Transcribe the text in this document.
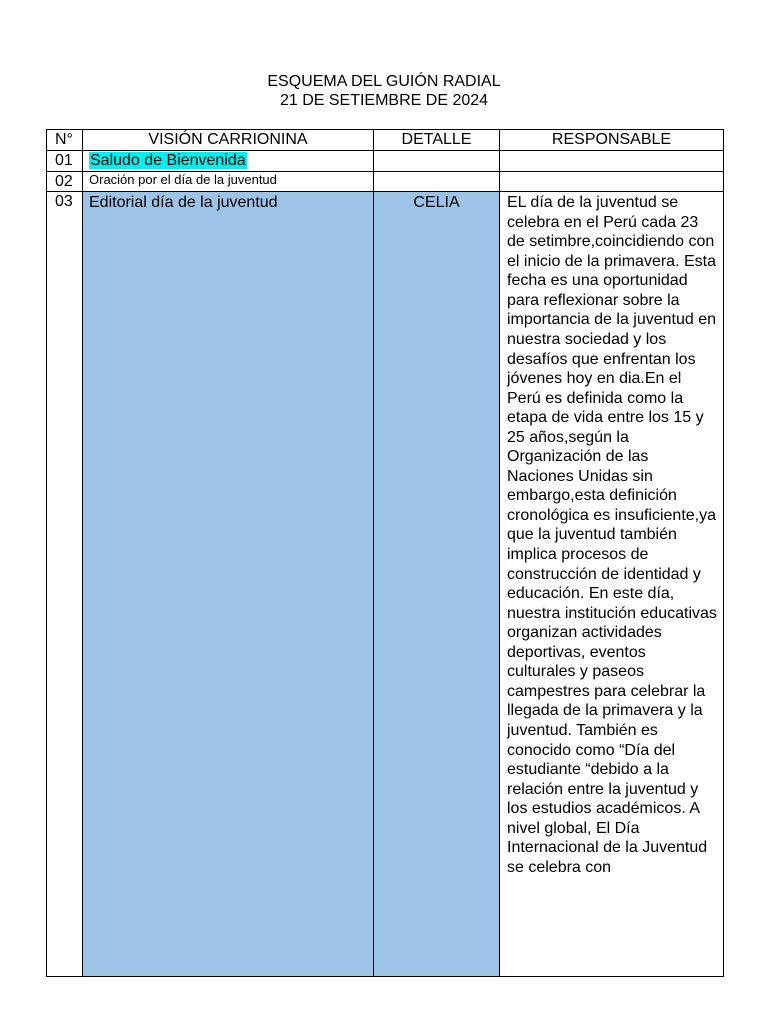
ESQUEMA DEL GUIÓN RADIAL
21 DE SETIEMBRE DE 2024
N°	VISIÓN CARRIONINA	DETALLE	RESPONSABLE
01	Saludo de Bienvenida		
02	Oración por el día de la juventud		
03	Editorial día de la juventud	CELIA	EL día de la juventud se celebra en el Perú cada 23 de setimbre,coincidiendo con el inicio de la primavera. Esta fecha es una oportunidad para reflexionar sobre la importancia de la juventud en nuestra sociedad y los desafíos que enfrentan los jóvenes hoy en dia.En el Perú es definida como la etapa de vida entre los 15 y 25 años,según la Organización de las Naciones Unidas sin embargo,esta definición cronológica es insuficiente,ya que la juventud también implica procesos de construcción de identidad y educación. En este día, nuestra institución educativas organizan actividades deportivas, eventos culturales y paseos campestres para celebrar la llegada de la primavera y la juventud. También es conocido como “Día del estudiante “debido a la relación entre la juventud y los estudios académicos. A nivel global, El Día Internacional de la Juventud se celebra con
